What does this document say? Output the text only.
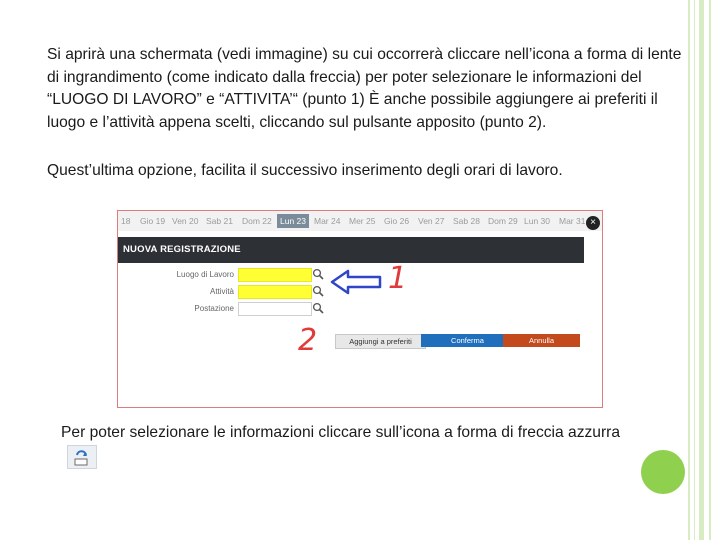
Si aprirà una schermata (vedi immagine) su cui occorrerà cliccare nell’icona a forma di lente di ingrandimento (come indicato dalla freccia) per poter selezionare le informazioni del “LUOGO DI LAVORO” e “ATTIVITA’“ (punto 1) È anche possibile aggiungere ai preferiti il luogo e l’attività appena scelti, cliccando sul pulsante apposito (punto 2).

Quest’ultima opzione, facilita il successivo inserimento degli orari di lavoro.

18 Gio 19 Ven 20 Sab 21 Dom 22 Lun 23 Mar 24 Mer 25 Gio 26 Ven 27 Sab 28 Dom 29 Lun 30 Mar 31 ×
NUOVA REGISTRAZIONE
Luogo di Lavoro
Attività
Postazione
1
2	Aggiungi a preferiti	Conferma	Annulla

Per poter selezionare le informazioni cliccare sull’icona a forma di freccia azzurra
